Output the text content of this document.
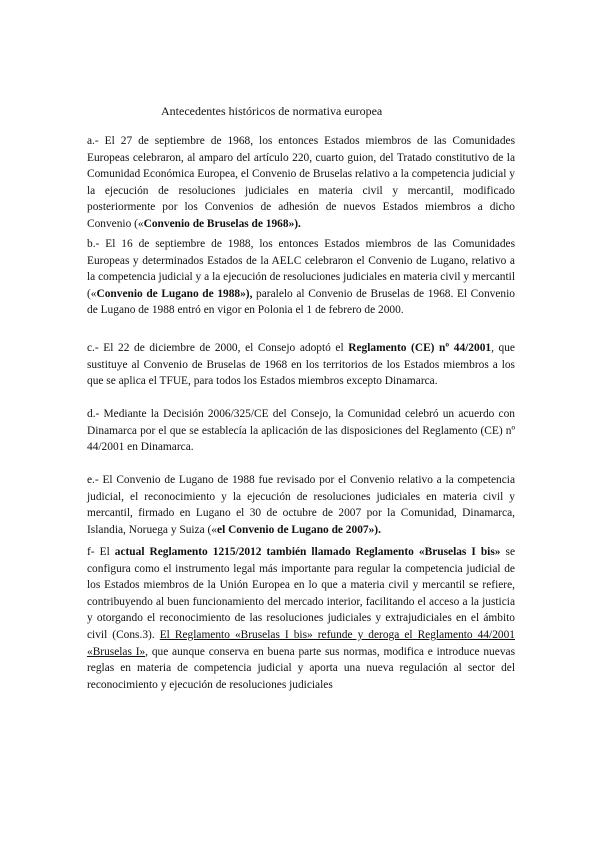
Antecedentes históricos de normativa europea

a.- El 27 de septiembre de 1968, los entonces Estados miembros de las Comunidades Europeas celebraron, al amparo del artículo 220, cuarto guion, del Tratado constitutivo de la Comunidad Económica Europea, el Convenio de Bruselas relativo a la competencia judicial y la ejecución de resoluciones judiciales en materia civil y mercantil, modificado posteriormente por los Convenios de adhesión de nuevos Estados miembros a dicho Convenio («Convenio de Bruselas de 1968»).

b.- El 16 de septiembre de 1988, los entonces Estados miembros de las Comunidades Europeas y determinados Estados de la AELC celebraron el Convenio de Lugano, relativo a la competencia judicial y a la ejecución de resoluciones judiciales en materia civil y mercantil («Convenio de Lugano de 1988»), paralelo al Convenio de Bruselas de 1968. El Convenio de Lugano de 1988 entró en vigor en Polonia el 1 de febrero de 2000.

c.- El 22 de diciembre de 2000, el Consejo adoptó el Reglamento (CE) nº 44/2001, que sustituye al Convenio de Bruselas de 1968 en los territorios de los Estados miembros a los que se aplica el TFUE, para todos los Estados miembros excepto Dinamarca.

d.- Mediante la Decisión 2006/325/CE del Consejo, la Comunidad celebró un acuerdo con Dinamarca por el que se establecía la aplicación de las disposiciones del Reglamento (CE) nº 44/2001 en Dinamarca.

e.- El Convenio de Lugano de 1988 fue revisado por el Convenio relativo a la competencia judicial, el reconocimiento y la ejecución de resoluciones judiciales en materia civil y mercantil, firmado en Lugano el 30 de octubre de 2007 por la Comunidad, Dinamarca, Islandia, Noruega y Suiza («el Convenio de Lugano de 2007»).

f- El actual Reglamento 1215/2012 también llamado Reglamento «Bruselas I bis» se configura como el instrumento legal más importante para regular la competencia judicial de los Estados miembros de la Unión Europea en lo que a materia civil y mercantil se refiere, contribuyendo al buen funcionamiento del mercado interior, facilitando el acceso a la justicia y otorgando el reconocimiento de las resoluciones judiciales y extrajudiciales en el ámbito civil (Cons.3). El Reglamento «Bruselas I bis» refunde y deroga el Reglamento 44/2001 «Bruselas I», que aunque conserva en buena parte sus normas, modifica e introduce nuevas reglas en materia de competencia judicial y aporta una nueva regulación al sector del reconocimiento y ejecución de resoluciones judiciales
